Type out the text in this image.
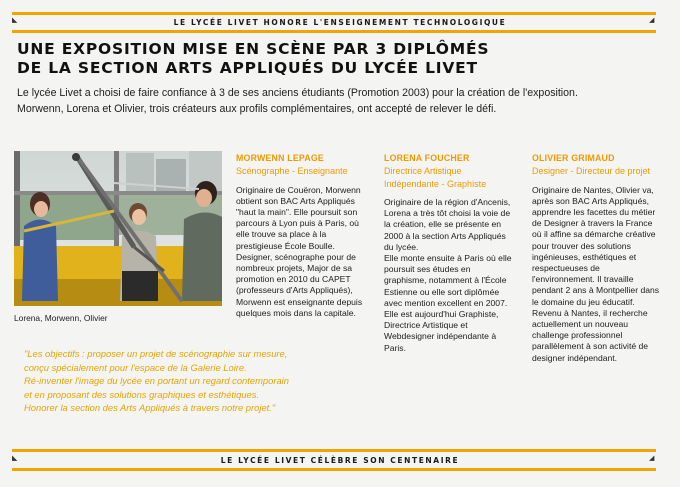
LE LYCÉE LIVET HONORE L'ENSEIGNEMENT TECHNOLOGIQUE
◣	◢
UNE EXPOSITION MISE EN SCÈNE PAR 3 DIPLÔMÉS
DE LA SECTION ARTS APPLIQUÉS DU LYCÉE LIVET

Le lycée Livet a choisi de faire confiance à 3 de ses anciens étudiants (Promotion 2003) pour la création de l'exposition.

Morwenn, Lorena et Olivier, trois créateurs aux profils complémentaires, ont accepté de relever le défi.

Lorena, Morwenn, Olivier
MORWENN LEPAGE
Scénographe - Enseignante

Originaire de Couëron, Morwenn obtient son BAC Arts Appliqués "haut la main". Elle poursuit son parcours à Lyon puis à Paris, où elle trouve sa place à la prestigieuse École Boulle. Designer, scénographe pour de nombreux projets, Major de sa promotion en 2010 du CAPET (professeurs d'Arts Appliqués), Morwenn est enseignante depuis quelques mois dans la capitale.

LORENA FOUCHER
Directrice Artistique Indépendante - Graphiste

Originaire de la région d'Ancenis, Lorena a très tôt choisi la voie de la création, elle se présente en 2000 à la section Arts Appliqués du lycée.

Elle monte ensuite à Paris où elle poursuit ses études en graphisme, notamment à l'École Estienne ou elle sort diplômée avec mention excellent en 2007.

Elle est aujourd'hui Graphiste, Directrice Artistique et Webdesigner indépendante à Paris.

OLIVIER GRIMAUD
Designer - Directeur de projet

Originaire de Nantes, Olivier va, après son BAC Arts Appliqués, apprendre les facettes du métier de Designer à travers la France où il affine sa démarche créative pour trouver des solutions ingénieuses, esthétiques et respectueuses de l'environnement. Il travaille pendant 2 ans à Montpellier dans le domaine du jeu éducatif.

Revenu à Nantes, il recherche actuellement un nouveau challenge professionnel parallèlement à son activité de designer indépendant.

"Les objectifs : proposer un projet de scénographie sur mesure,

conçu spécialement pour l'espace de la Galerie Loire.

Ré-inventer l'image du lycée en portant un regard contemporain

et en proposant des solutions graphiques et esthétiques.

Honorer la section des Arts Appliqués à travers notre projet."

LE LYCÉE LIVET CÉLÈBRE SON CENTENAIRE
◣	◢
